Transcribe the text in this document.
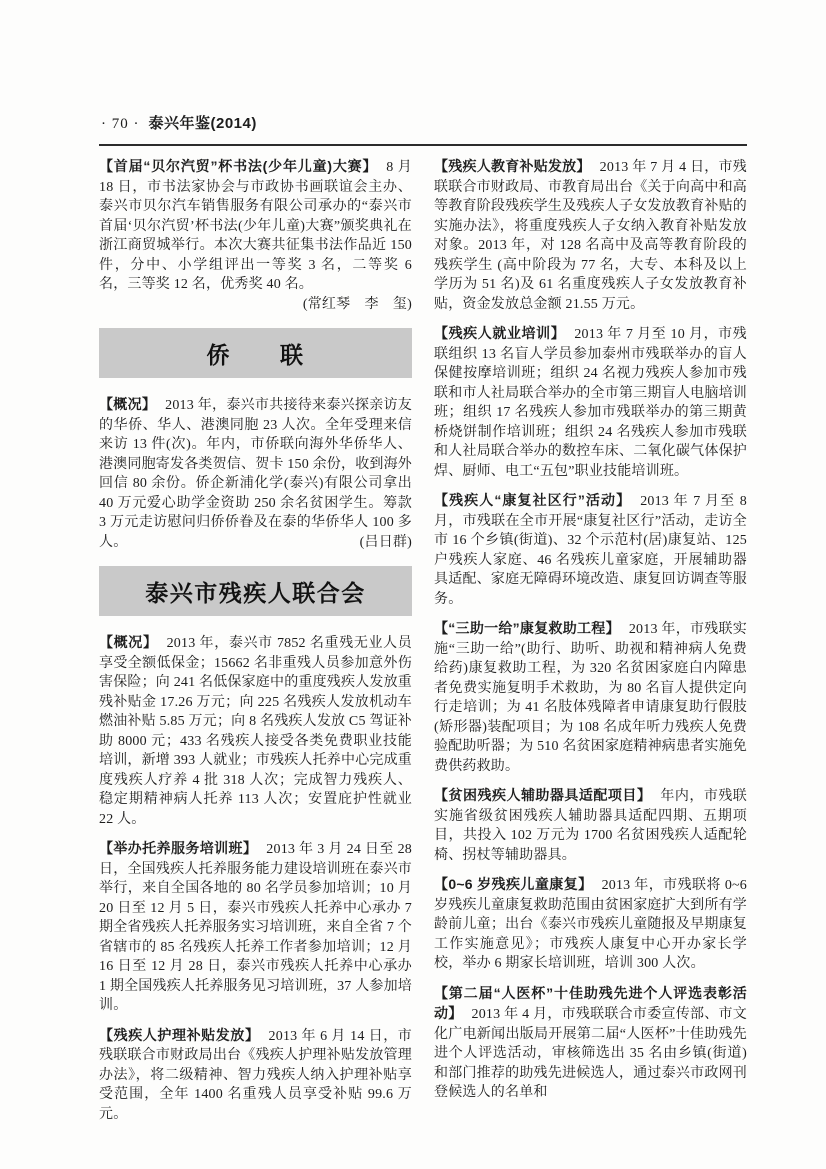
· 70 · 泰兴年鉴(2014)

【首届“贝尔汽贸”杯书法(少年儿童)大赛】 8 月 18 日，市书法家协会与市政协书画联谊会主办、泰兴市贝尔汽车销售服务有限公司承办的“泰兴市首届‘贝尔汽贸’杯书法(少年儿童)大赛”颁奖典礼在浙江商贸城举行。本次大赛共征集书法作品近 150 件，分中、小学组评出一等奖 3 名，二等奖 6 名，三等奖 12 名，优秀奖 40 名。
(常红琴　李　玺)

侨　　联

【概况】 2013 年，泰兴市共接待来泰兴探亲访友的华侨、华人、港澳同胞 23 人次。全年受理来信来访 13 件(次)。年内，市侨联向海外华侨华人、港澳同胞寄发各类贺信、贺卡 150 余份，收到海外回信 80 余份。侨企新浦化学(泰兴)有限公司拿出 40 万元爱心助学金资助 250 余名贫困学生。筹款 3 万元走访慰问归侨侨眷及在泰的华侨华人 100 多人。	(吕日群)

泰兴市残疾人联合会

【概况】 2013 年，泰兴市 7852 名重残无业人员享受全额低保金；15662 名非重残人员参加意外伤害保险；向 241 名低保家庭中的重度残疾人发放重残补贴金 17.26 万元；向 225 名残疾人发放机动车燃油补贴 5.85 万元；向 8 名残疾人发放 C5 驾证补助 8000 元；433 名残疾人接受各类免费职业技能培训，新增 393 人就业；市残疾人托养中心完成重度残疾人疗养 4 批 318 人次；完成智力残疾人、稳定期精神病人托养 113 人次；安置庇护性就业 22 人。

【举办托养服务培训班】 2013 年 3 月 24 日至 28 日，全国残疾人托养服务能力建设培训班在泰兴市举行，来自全国各地的 80 名学员参加培训；10 月 20 日至 12 月 5 日，泰兴市残疾人托养中心承办 7 期全省残疾人托养服务实习培训班，来自全省 7 个省辖市的 85 名残疾人托养工作者参加培训；12 月 16 日至 12 月 28 日，泰兴市残疾人托养中心承办 1 期全国残疾人托养服务见习培训班，37 人参加培训。

【残疾人护理补贴发放】 2013 年 6 月 14 日，市残联联合市财政局出台《残疾人护理补贴发放管理办法》，将二级精神、智力残疾人纳入护理补贴享受范围，全年 1400 名重残人员享受补贴 99.6 万元。

【残疾人教育补贴发放】 2013 年 7 月 4 日，市残联联合市财政局、市教育局出台《关于向高中和高等教育阶段残疾学生及残疾人子女发放教育补贴的实施办法》，将重度残疾人子女纳入教育补贴发放对象。2013 年，对 128 名高中及高等教育阶段的残疾学生 (高中阶段为 77 名，大专、本科及以上学历为 51 名)及 61 名重度残疾人子女发放教育补贴，资金发放总金额 21.55 万元。

【残疾人就业培训】 2013 年 7 月至 10 月，市残联组织 13 名盲人学员参加泰州市残联举办的盲人保健按摩培训班；组织 24 名视力残疾人参加市残联和市人社局联合举办的全市第三期盲人电脑培训班；组织 17 名残疾人参加市残联举办的第三期黄桥烧饼制作培训班；组织 24 名残疾人参加市残联和人社局联合举办的数控车床、二氧化碳气体保护焊、厨师、电工“五包”职业技能培训班。

【残疾人“康复社区行”活动】 2013 年 7 月至 8 月，市残联在全市开展“康复社区行”活动，走访全市 16 个乡镇(街道)、32 个示范村(居)康复站、125 户残疾人家庭、46 名残疾儿童家庭，开展辅助器具适配、家庭无障碍环境改造、康复回访调查等服务。

【“三助一给”康复救助工程】 2013 年，市残联实施“三助一给”(助行、助听、助视和精神病人免费给药)康复救助工程，为 320 名贫困家庭白内障患者免费实施复明手术救助，为 80 名盲人提供定向行走培训；为 41 名肢体残障者申请康复助行假肢(矫形器)装配项目；为 108 名成年听力残疾人免费验配助听器；为 510 名贫困家庭精神病患者实施免费供药救助。

【贫困残疾人辅助器具适配项目】 年内，市残联实施省级贫困残疾人辅助器具适配四期、五期项目，共投入 102 万元为 1700 名贫困残疾人适配轮椅、拐杖等辅助器具。

【0~6 岁残疾儿童康复】 2013 年，市残联将 0~6 岁残疾儿童康复救助范围由贫困家庭扩大到所有学龄前儿童；出台《泰兴市残疾儿童随报及早期康复工作实施意见》；市残疾人康复中心开办家长学校，举办 6 期家长培训班，培训 300 人次。

【第二届“人医杯”十佳助残先进个人评选表彰活动】 2013 年 4 月，市残联联合市委宣传部、市文化广电新闻出版局开展第二届“人医杯”十佳助残先进个人评选活动，审核筛选出 35 名由乡镇(街道)和部门推荐的助残先进候选人，通过泰兴市政网刊登候选人的名单和
